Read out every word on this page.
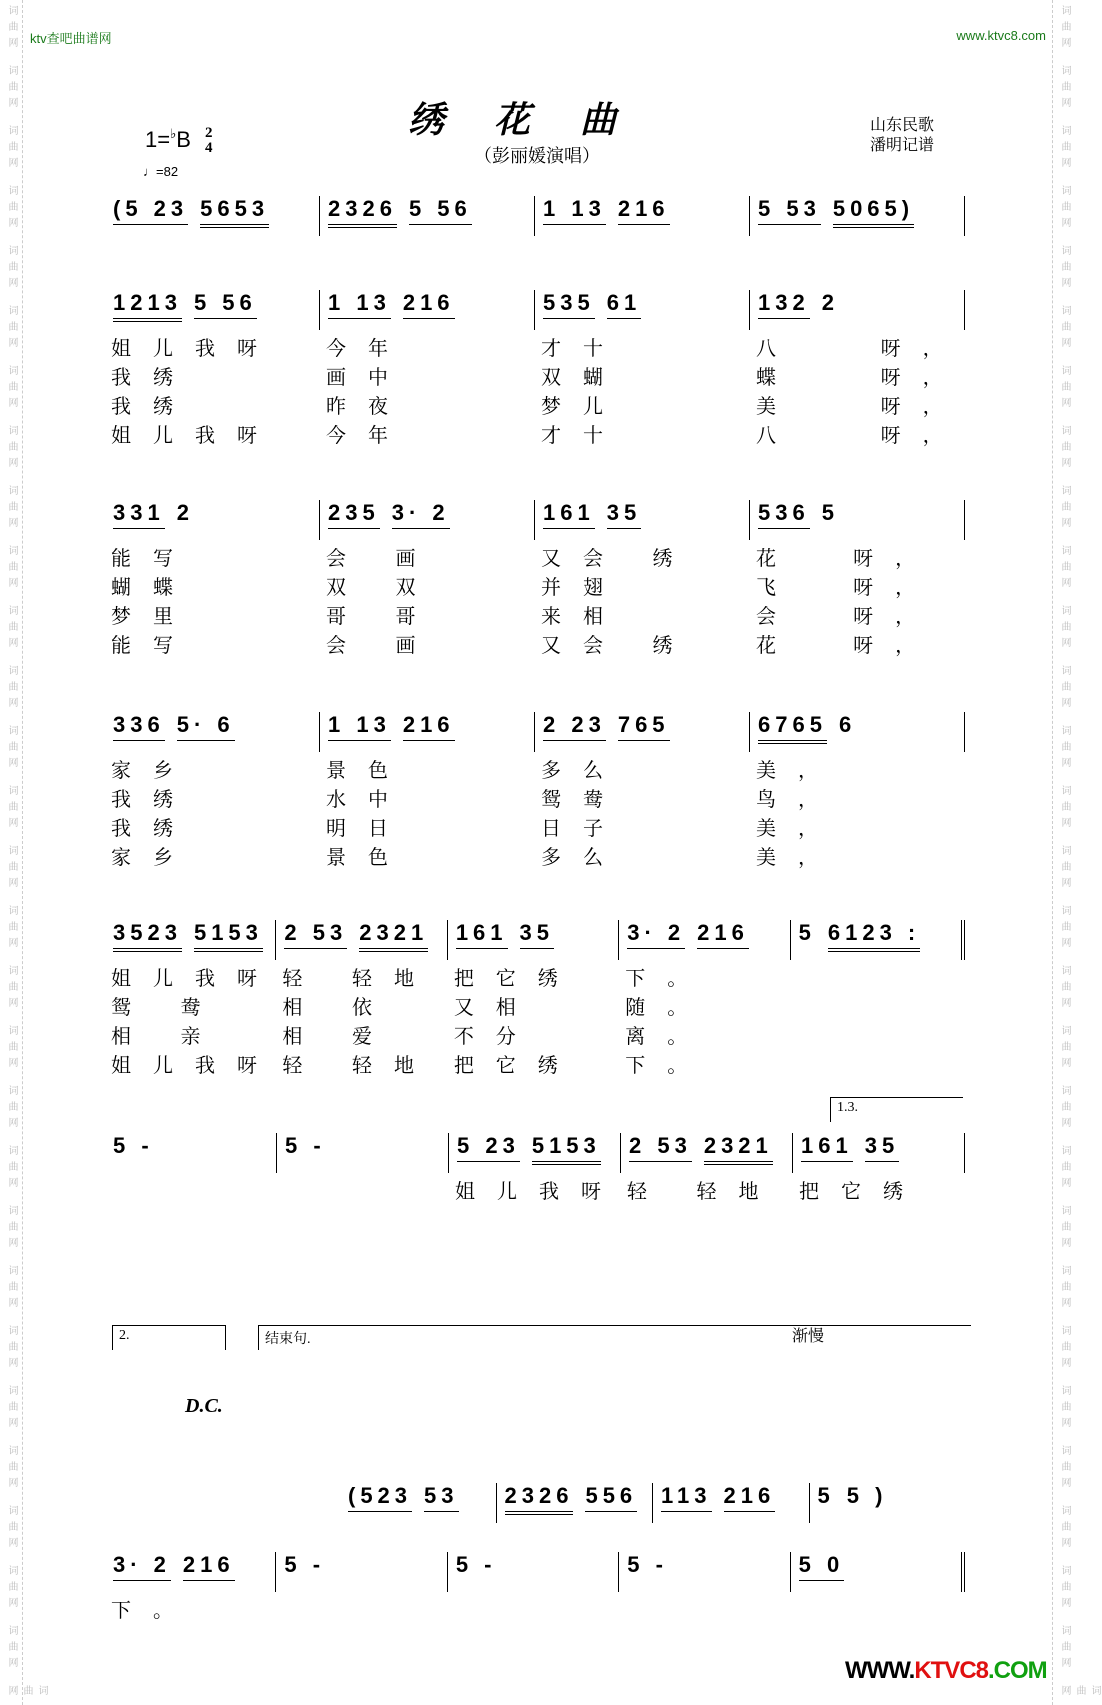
词曲网
词曲网
词曲网
词曲网
词曲网
词曲网
词曲网
词曲网
词曲网
词曲网
词曲网
词曲网
词曲网
词曲网
词曲网
词曲网
词曲网
词曲网
词曲网
词曲网
词曲网
词曲网
词曲网
词曲网
词曲网
词曲网
词曲网
词曲网
词曲网
词曲网
词曲网
词曲网
词曲网
词曲网
词曲网
词曲网
词曲网
词曲网
词曲网
词曲网
词曲网
词曲网
词曲网
词曲网
词曲网
词曲网
词曲网
词曲网
词曲网
词曲网
词曲网
词曲网
词曲网
词曲网
词曲网
词曲网
词曲网
词曲网
ktv查吧曲谱网	www.ktvc8.com
绣花曲
（彭丽媛演唱）
1=♭B 2
4
♩=82
山东民歌
潘明记谱
(5 23 5653	2326 5 56	1 13 216	5 53 5065)
1213 5 56
姐儿我呀
我绣
我绣
姐儿我呀
1 13 216
今年
画中
昨夜
今年
535 61
才十
双蝴
梦儿
才十
132 2
八   呀，
蝶   呀，
美   呀，
八   呀，
331 2
能写
蝴蝶
梦里
能写
235 3· 2
会 画
双 双
哥 哥
会 画
161 35
又会 绣
并翅
来相
又会 绣
536 5
花  呀，
飞  呀，
会  呀，
花  呀，
336 5· 6
家乡
我绣
我绣
家乡
1 13 216
景色
水中
明日
景色
2 23 765
多么
鸳鸯
日子
多么
6765 6
美，
鸟，
美，
美，
3523 5153
姐儿我呀
鸳 鸯
相 亲
姐儿我呀
2 53 2321
轻 轻地
相 依
相 爱
轻 轻地
161 35
把它绣
又相
不分
把它绣
3· 2 216
下。
随。
离。
下。
5 6123 :
5 -	5 -	5 23 5153
姐儿我呀
2 53 2321
轻 轻地
161 35
把它绣
(523 53 2326 556 113 216 5 5 )
3· 2 216
下。
5 -	5 -	5 -	5 0
1.3.
2.	结束句.	渐慢
D.C.
WWW.KTVC8.COM
